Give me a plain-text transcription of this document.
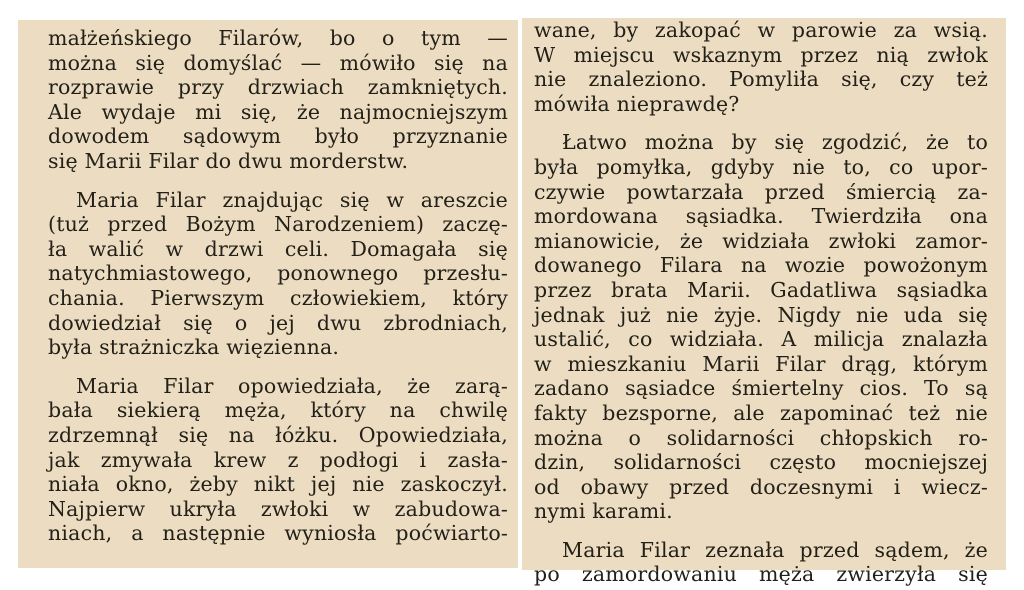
małżeńskiego Filarów, bo o tym —
można się domyślać — mówiło się na
rozprawie przy drzwiach zamkniętych.
Ale wydaje mi się, że najmocniejszym
dowodem sądowym było przyznanie
się Marii Filar do dwu morderstw.
Maria Filar znajdując się w areszcie
(tuż przed Bożym Narodzeniem) zaczę-
ła walić w drzwi celi. Domagała się
natychmiastowego, ponownego przesłu-
chania. Pierwszym człowiekiem, który
dowiedział się o jej dwu zbrodniach,
była strażniczka więzienna.
Maria Filar opowiedziała, że zarą-
bała siekierą męża, który na chwilę
zdrzemnął się na łóżku. Opowiedziała,
jak zmywała krew z podłogi i zasła-
niała okno, żeby nikt jej nie zaskoczył.
Najpierw ukryła zwłoki w zabudowa-
niach, a następnie wyniosła poćwiarto-
wane, by zakopać w parowie za wsią.
W miejscu wskaznym przez nią zwłok
nie znaleziono. Pomyliła się, czy też
mówiła nieprawdę?
Łatwo można by się zgodzić, że to
była pomyłka, gdyby nie to, co upor-
czywie powtarzała przed śmiercią za-
mordowana sąsiadka. Twierdziła ona
mianowicie, że widziała zwłoki zamor-
dowanego Filara na wozie powożonym
przez brata Marii. Gadatliwa sąsiadka
jednak już nie żyje. Nigdy nie uda się
ustalić, co widziała. A milicja znalazła
w mieszkaniu Marii Filar drąg, którym
zadano sąsiadce śmiertelny cios. To są
fakty bezsporne, ale zapominać też nie
można o solidarności chłopskich ro-
dzin, solidarności często mocniejszej
od obawy przed doczesnymi i wiecz-
nymi karami.
Maria Filar zeznała przed sądem, że
po zamordowaniu męża zwierzyła się
